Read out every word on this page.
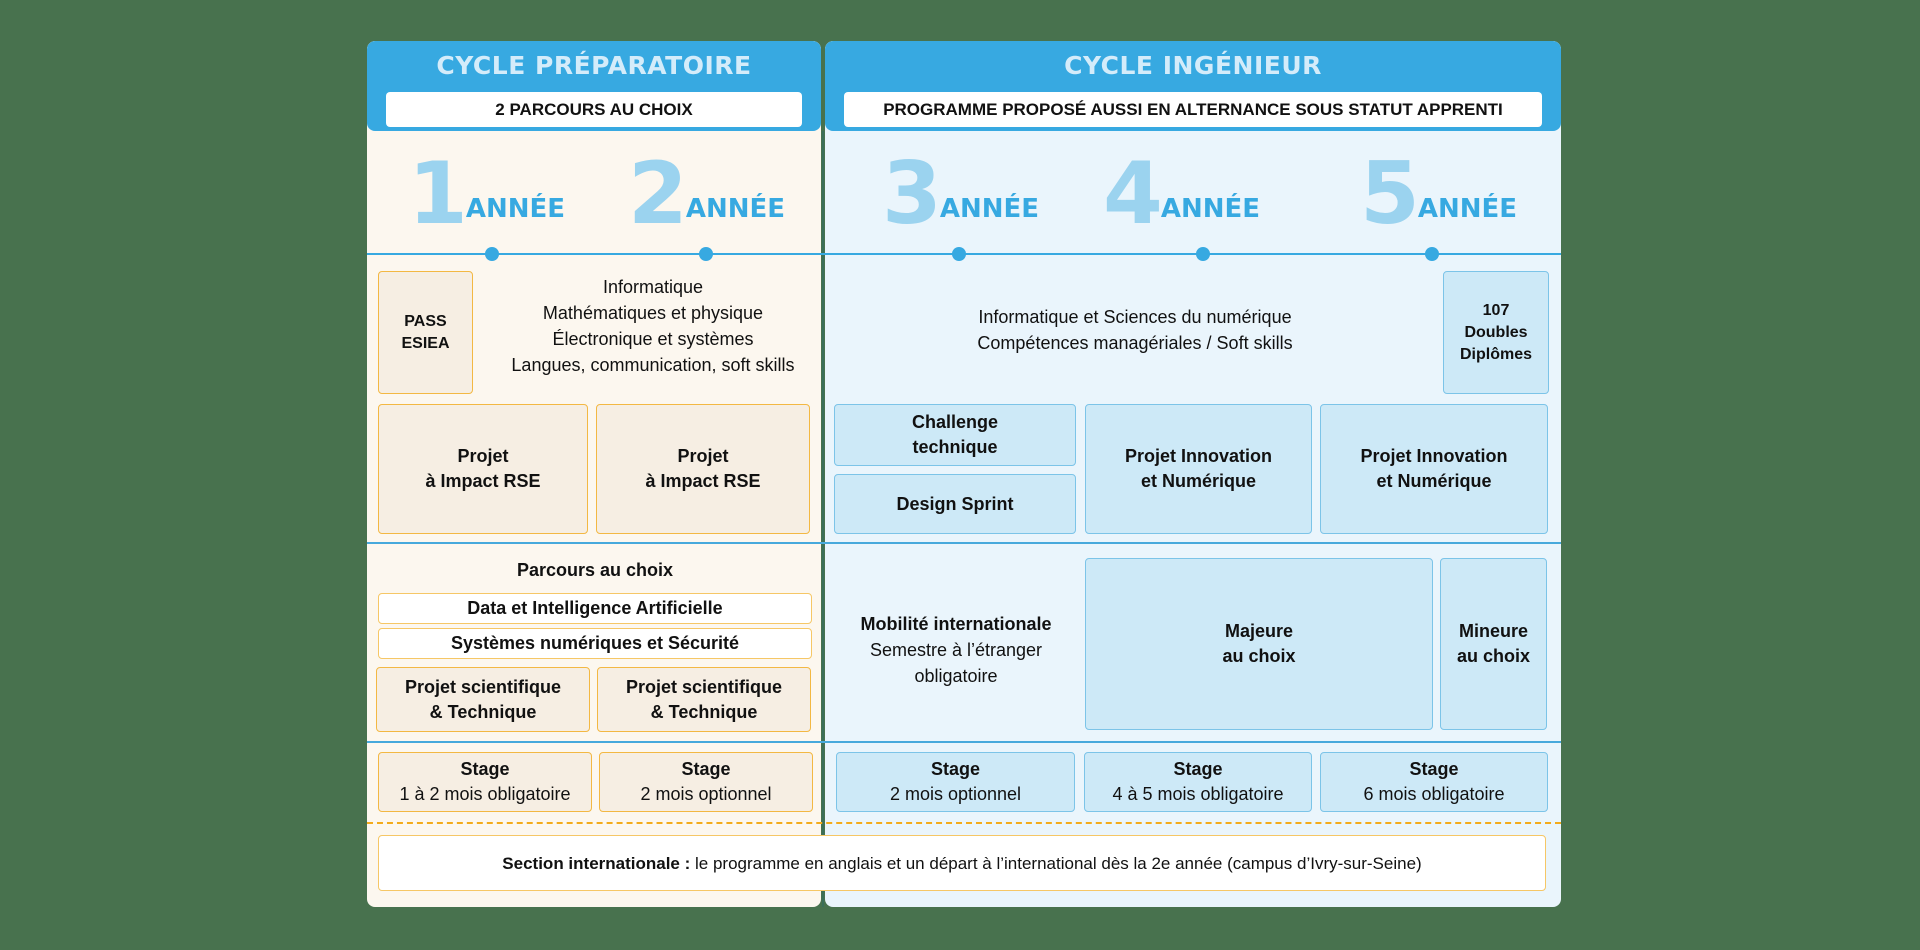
CYCLE PRÉPARATOIRE
2 PARCOURS AU CHOIX
CYCLE INGÉNIEUR
PROGRAMME PROPOSÉ AUSSI EN ALTERNANCE SOUS STATUT APPRENTI
1 ANNÉE 2 ANNÉE 3 ANNÉE 4 ANNÉE 5 ANNÉE
PASS
ESIEA
Informatique
Mathématiques et physique
Électronique et systèmes
Langues, communication, soft skills
Informatique et Sciences du numérique
Compétences managériales / Soft skills
107
Doubles
Diplômes
Projet
à Impact RSE
Projet
à Impact RSE
Challenge
technique
Design Sprint
Projet Innovation
et Numérique
Projet Innovation
et Numérique
Parcours au choix
Data et Intelligence Artificielle
Systèmes numériques et Sécurité
Projet scientifique
& Technique
Projet scientifique
& Technique
Mobilité internationale
Semestre à l’étranger
obligatoire
Majeure
au choix
Mineure
au choix
Stage
1 à 2 mois obligatoire
Stage
2 mois optionnel
Stage
2 mois optionnel
Stage
4 à 5 mois obligatoire
Stage
6 mois obligatoire
Section internationale : le programme en anglais et un départ à l’international dès la 2e année (campus d’Ivry-sur-Seine)
